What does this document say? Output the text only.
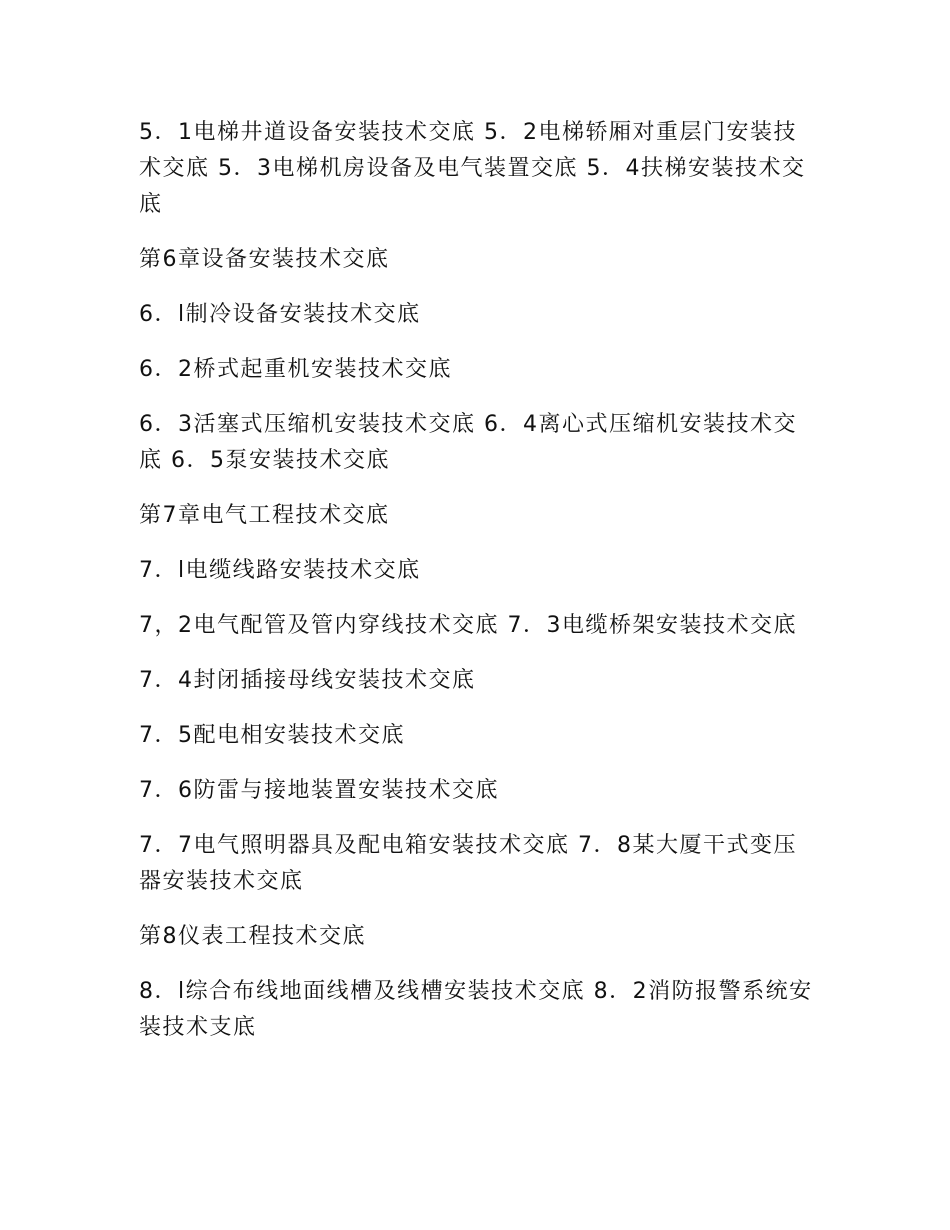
5．1电梯井道设备安装技术交底 5．2电梯轿厢对重层门安装技术交底 5．3电梯机房设备及电气装置交底 5．4扶梯安装技术交底

第6章设备安装技术交底

6．l制冷设备安装技术交底

6．2桥式起重机安装技术交底

6．3活塞式压缩机安装技术交底 6．4离心式压缩机安装技术交底 6．5泵安装技术交底

第7章电气工程技术交底

7．l电缆线路安装技术交底

7，2电气配管及管内穿线技术交底 7．3电缆桥架安装技术交底

7．4封闭插接母线安装技术交底

7．5配电相安装技术交底

7．6防雷与接地装置安装技术交底

7．7电气照明器具及配电箱安装技术交底 7．8某大厦干式变压器安装技术交底

第8仪表工程技术交底

8．l综合布线地面线槽及线槽安装技术交底 8．2消防报警系统安装技术支底
